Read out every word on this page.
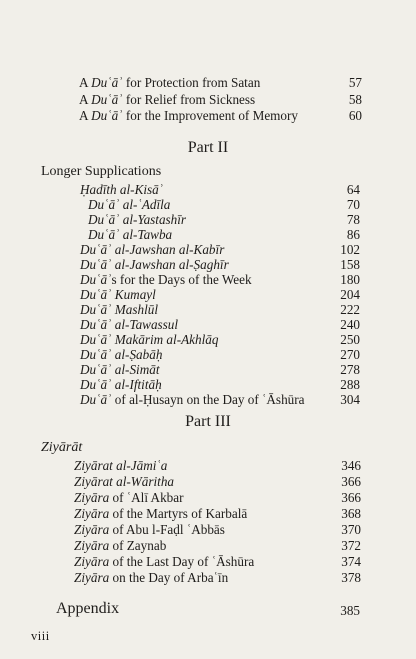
A Duʿāʾ for Protection from Satan	57
A Duʿāʾ for Relief from Sickness	58
A Duʿāʾ for the Improvement of Memory	60
Part II
Longer Supplications
Ḥadīth al-Kisāʾ	64
Duʿāʾ al-ʿAdīla	70
Duʿāʾ al-Yastashīr	78
Duʿāʾ al-Tawba	86
Duʿāʾ al-Jawshan al-Kabīr	102
Duʿāʾ al-Jawshan al-Ṣaghīr	158
Duʿāʾs for the Days of the Week	180
Duʿāʾ Kumayl	204
Duʿāʾ Mashlūl	222
Duʿāʾ al-Tawassul	240
Duʿāʾ Makārim al-Akhlāq	250
Duʿāʾ al-Ṣabāḥ	270
Duʿāʾ al-Simāt	278
Duʿāʾ al-Iftitāḥ	288
Duʿāʾ of al-Ḥusayn on the Day of ʿĀshūra	304
Part III
Ziyārāt
Ziyārat al-Jāmiʿa	346
Ziyārat al-Wāritha	366
Ziyāra of ʿAlī Akbar	366
Ziyāra of the Martyrs of Karbalā	368
Ziyāra of Abu l-Faḍl ʿAbbās	370
Ziyāra of Zaynab	372
Ziyāra of the Last Day of ʿĀshūra	374
Ziyāra on the Day of Arbaʿīn	378
Appendix	385
viii
